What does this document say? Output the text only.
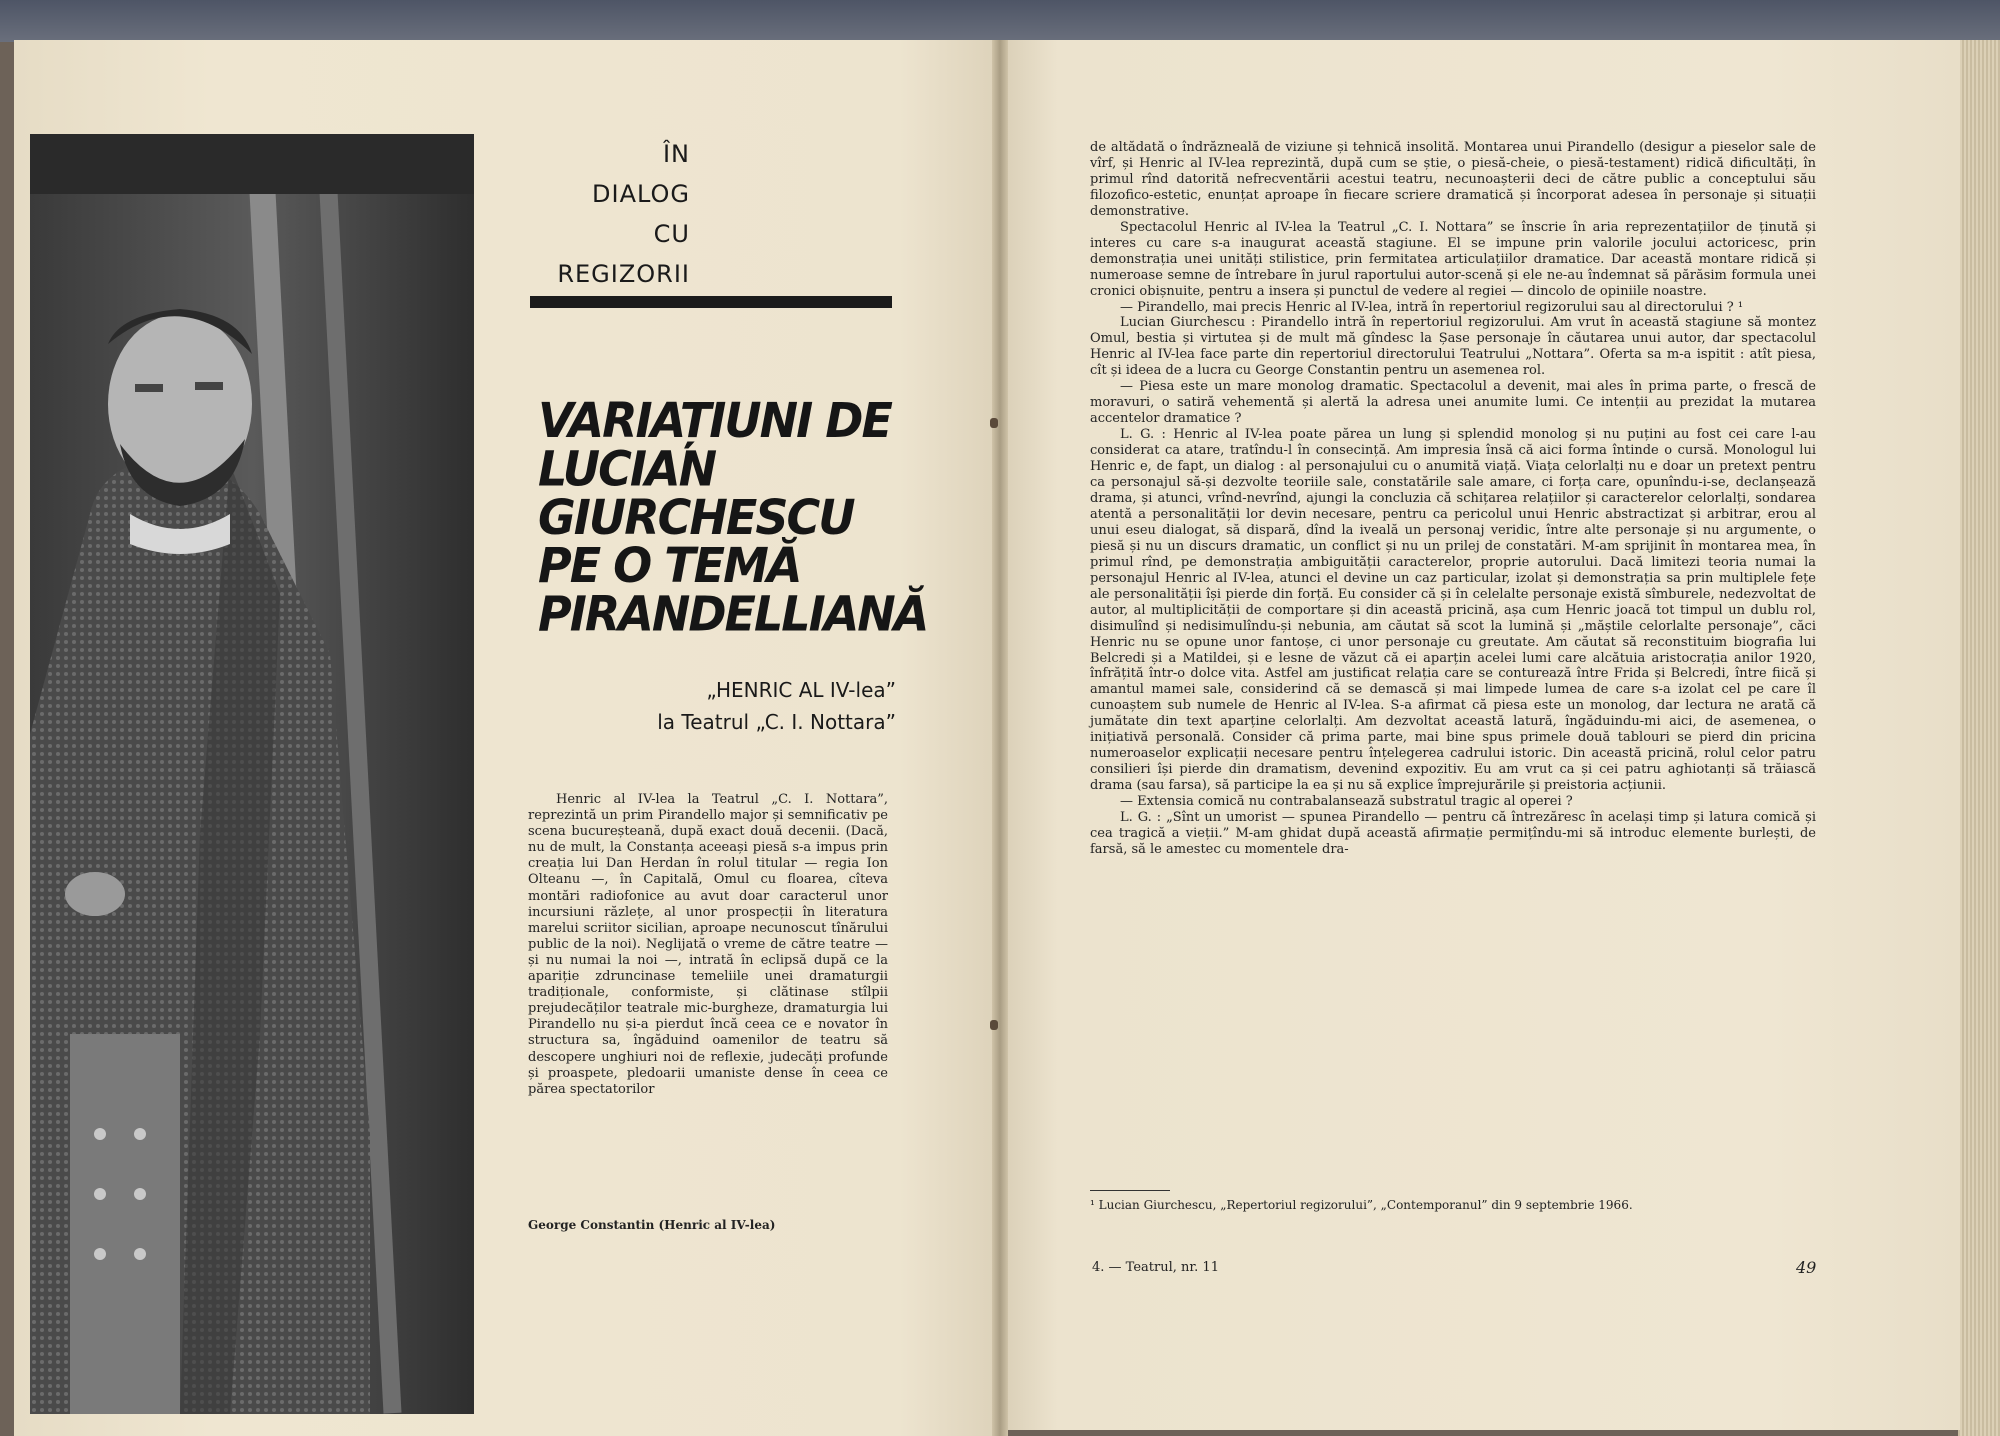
ÎN
DIALOG
CU
REGIZORII
VARIAȚIUNI DE
LUCIAN
GIURCHESCU
PE O TEMĂ
PIRANDELLIANĂ
„HENRIC AL IV-lea”
la Teatrul „C. I. Nottara”

Henric al IV-lea la Teatrul „C. I. Nottara”, reprezintă un prim Pirandello major și semnificativ pe scena bucureșteană, după exact două decenii. (Dacă, nu de mult, la Constanța aceeași piesă s-a impus prin creația lui Dan Herdan în rolul titular — regia Ion Olteanu —, în Capitală, Omul cu floarea, cîteva montări radiofonice au avut doar caracterul unor incursiuni răzlețe, al unor prospecții în literatura marelui scriitor sicilian, aproape necunoscut tînărului public de la noi). Neglijată o vreme de către teatre — și nu numai la noi —, intrată în eclipsă după ce la apariție zdruncinase temeliile unei dramaturgii tradiționale, conformiste, și clătinase stîlpii prejudecăților teatrale mic-burgheze, dramaturgia lui Pirandello nu și-a pierdut încă ceea ce e novator în structura sa, îngăduind oamenilor de teatru să descopere unghiuri noi de reflexie, judecăți profunde și proaspete, pledoarii umaniste dense în ceea ce părea spectatorilor

George Constantin (Henric al IV-lea)

de altădată o îndrăzneală de viziune și tehnică insolită. Montarea unui Pirandello (desigur a pieselor sale de vîrf, și Henric al IV-lea reprezintă, după cum se știe, o piesă-cheie, o piesă-testament) ridică dificultăți, în primul rînd datorită nefrecventării acestui teatru, necunoașterii deci de către public a conceptului său filozofico-estetic, enunțat aproape în fiecare scriere dramatică și încorporat adesea în personaje și situații demonstrative.

Spectacolul Henric al IV-lea la Teatrul „C. I. Nottara” se înscrie în aria reprezentațiilor de ținută și interes cu care s-a inaugurat această stagiune. El se impune prin valorile jocului actoricesc, prin demonstrația unei unități stilistice, prin fermitatea articulațiilor dramatice. Dar această montare ridică și numeroase semne de întrebare în jurul raportului autor-scenă și ele ne-au îndemnat să părăsim formula unei cronici obișnuite, pentru a insera și punctul de vedere al regiei — dincolo de opiniile noastre.

— Pirandello, mai precis Henric al IV-lea, intră în repertoriul regizorului sau al directorului ? ¹

Lucian Giurchescu : Pirandello intră în repertoriul regizorului. Am vrut în această stagiune să montez Omul, bestia și virtutea și de mult mă gîndesc la Șase personaje în căutarea unui autor, dar spectacolul Henric al IV-lea face parte din repertoriul directorului Teatrului „Nottara”. Oferta sa m-a ispitit : atît piesa, cît și ideea de a lucra cu George Constantin pentru un asemenea rol.

— Piesa este un mare monolog dramatic. Spectacolul a devenit, mai ales în prima parte, o frescă de moravuri, o satiră vehementă și alertă la adresa unei anumite lumi. Ce intenții au prezidat la mutarea accentelor dramatice ?

L. G. : Henric al IV-lea poate părea un lung și splendid monolog și nu puțini au fost cei care l-au considerat ca atare, tratîndu-l în consecință. Am impresia însă că aici forma întinde o cursă. Monologul lui Henric e, de fapt, un dialog : al personajului cu o anumită viață. Viața celorlalți nu e doar un pretext pentru ca personajul să-și dezvolte teoriile sale, constatările sale amare, ci forța care, opunîndu-i-se, declanșează drama, și atunci, vrînd-nevrînd, ajungi la concluzia că schițarea relațiilor și caracterelor celorlalți, sondarea atentă a personalității lor devin necesare, pentru ca pericolul unui Henric abstractizat și arbitrar, erou al unui eseu dialogat, să dispară, dînd la iveală un personaj veridic, între alte personaje și nu argumente, o piesă și nu un discurs dramatic, un conflict și nu un prilej de constatări. M-am sprijinit în montarea mea, în primul rînd, pe demonstrația ambiguității caracterelor, proprie autorului. Dacă limitezi teoria numai la personajul Henric al IV-lea, atunci el devine un caz particular, izolat și demonstrația sa prin multiplele fețe ale personalității își pierde din forță. Eu consider că și în celelalte personaje există sîmburele, nedezvoltat de autor, al multiplicității de comportare și din această pricină, așa cum Henric joacă tot timpul un dublu rol, disimulînd și nedisimulîndu-și nebunia, am căutat să scot la lumină și „măștile celorlalte personaje”, căci Henric nu se opune unor fantoșe, ci unor personaje cu greutate. Am căutat să reconstituim biografia lui Belcredi și a Matildei, și e lesne de văzut că ei aparțin acelei lumi care alcătuia aristocrația anilor 1920, înfrățită într-o dolce vita. Astfel am justificat relația care se conturează între Frida și Belcredi, între fiică și amantul mamei sale, considerind că se demască și mai limpede lumea de care s-a izolat cel pe care îl cunoaștem sub numele de Henric al IV-lea. S-a afirmat că piesa este un monolog, dar lectura ne arată că jumătate din text aparține celorlalți. Am dezvoltat această latură, îngăduindu-mi aici, de asemenea, o inițiativă personală. Consider că prima parte, mai bine spus primele două tablouri se pierd din pricina numeroaselor explicații necesare pentru înțelegerea cadrului istoric. Din această pricină, rolul celor patru consilieri își pierde din dramatism, devenind expozitiv. Eu am vrut ca și cei patru aghiotanți să trăiască drama (sau farsa), să participe la ea și nu să explice împrejurările și preistoria acțiunii.

— Extensia comică nu contrabalansează substratul tragic al operei ?

L. G. : „Sînt un umorist — spunea Pirandello — pentru că întrezăresc în același timp și latura comică și cea tragică a vieții.” M-am ghidat după această afirmație permițîndu-mi să introduc elemente burlești, de farsă, să le amestec cu momentele dra-

¹ Lucian Giurchescu, „Repertoriul regizorului”, „Contemporanul” din 9 septembrie 1966.
4. — Teatrul, nr. 11	49
